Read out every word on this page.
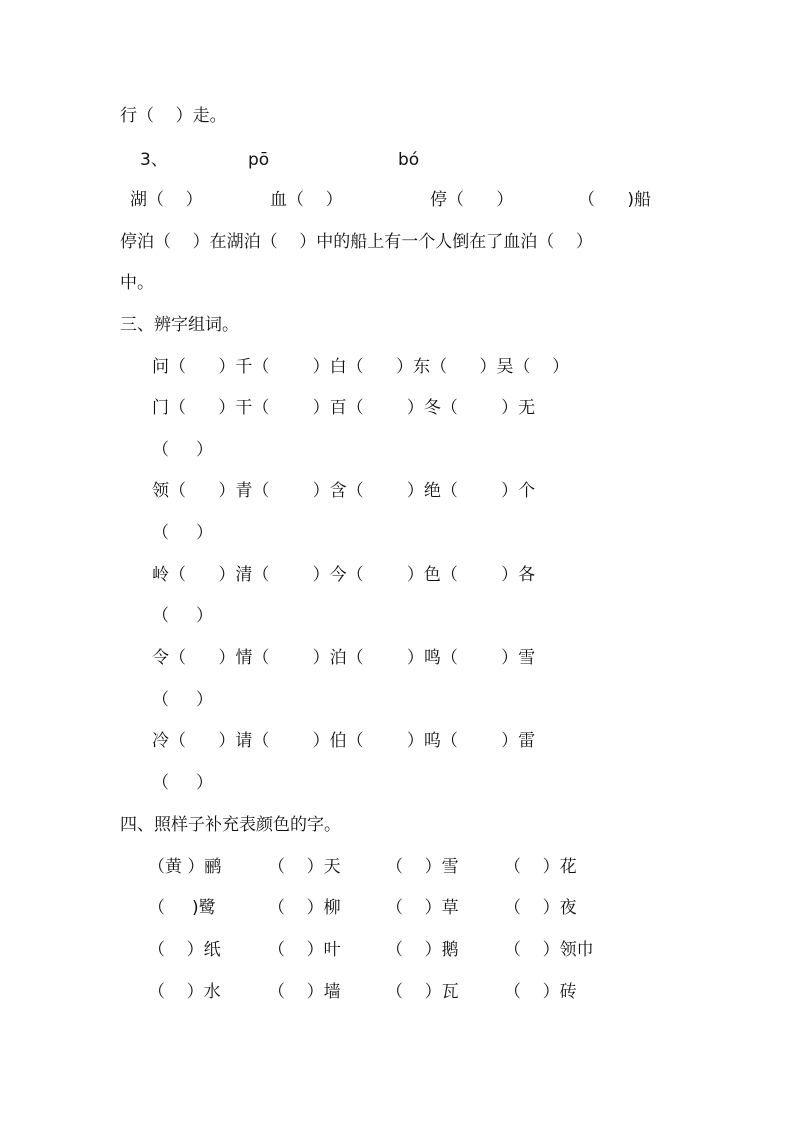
行（    ）走。
3、	pō	bó
湖（    ）	血（    ）	停（      ）	（      )船
停泊（    ）在湖泊（    ）中的船上有一个人倒在了血泊（    ）
中。
三、辨字组词。
问（      ）千（        ）白（      ）东（      ）吴（    ）
门（      ）干（        ）百（        ）冬（        ）无
（     ）
领（      ）青（        ）含（        ）绝（        ）个
（     ）
岭（      ）清（        ）今（        ）色（        ）各
（     ）
令（      ）情（        ）泊（        ）鸣（        ）雪
（     ）
冷（      ）请（        ）伯（        ）呜（        ）雷
（     ）
四、照样子补充表颜色的字。
（黄 ）鹂	（    ）天	（    ）雪	（    ）花
（     )鹭	（    ）柳	（    ）草	（    ）夜
（    ）纸	（    ）叶	（    ）鹅	（    ）领巾
（    ）水	（    ）墙	（    ）瓦	（    ）砖
